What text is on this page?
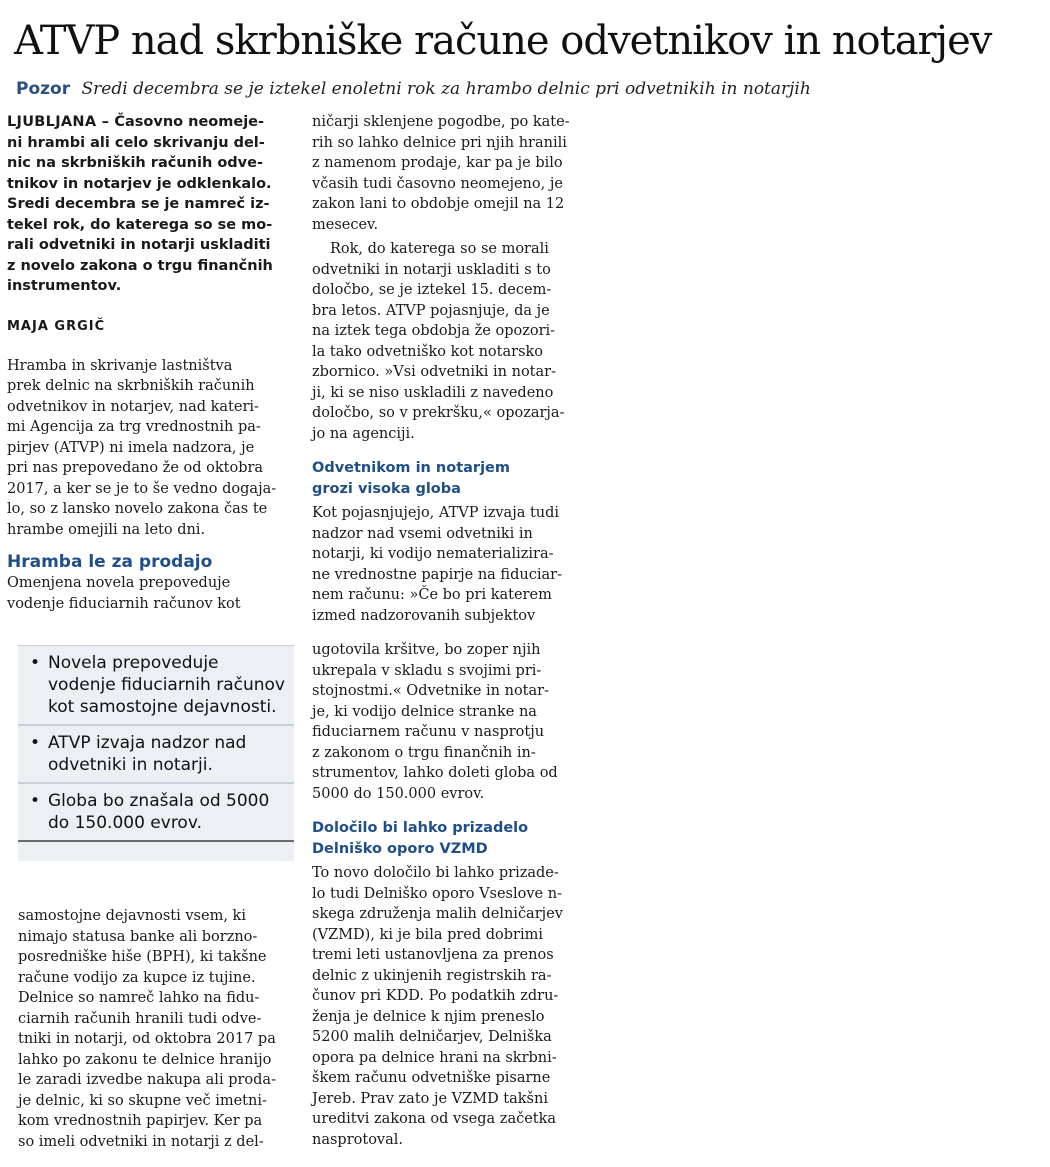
ATVP nad skrbniške račune odvetnikov in notarjev
Pozor Sredi decembra se je iztekel enoletni rok za hrambo delnic pri odvetnikih in notarjih

LJUBLJANA – Časovno neomeje-

ni hrambi ali celo skrivanju del-

nic na skrbniških računih odve-

tnikov in notarjev je odklenkalo.

Sredi decembra se je namreč iz-

tekel rok, do katerega so se mo-

rali odvetniki in notarji uskladiti

z novelo zakona o trgu finančnih

instrumentov.

MAJA GRGIČ

Hramba in skrivanje lastništva

prek delnic na skrbniških računih

odvetnikov in notarjev, nad kateri-

mi Agencija za trg vrednostnih pa-

pirjev (ATVP) ni imela nadzora, je

pri nas prepovedano že od oktobra

2017, a ker se je to še vedno dogaja-

lo, so z lansko novelo zakona čas te

hrambe omejili na leto dni.

Hramba le za prodajo

Omenjena novela prepoveduje

vodenje fiduciarnih računov kot

• Novela prepoveduje vodenje fiduciarnih računov kot samostojne dejavnosti.
• ATVP izvaja nadzor nad odvetniki in notarji.
• Globa bo znašala od 5000 do 150.000 evrov.

samostojne dejavnosti vsem, ki

nimajo statusa banke ali borzno-

posredniške hiše (BPH), ki takšne

račune vodijo za kupce iz tujine.

Delnice so namreč lahko na fidu-

ciarnih računih hranili tudi odve-

tniki in notarji, od oktobra 2017 pa

lahko po zakonu te delnice hranijo

le zaradi izvedbe nakupa ali proda-

je delnic, ki so skupne več imetni-

kom vrednostnih papirjev. Ker pa

so imeli odvetniki in notarji z del-

ničarji sklenjene pogodbe, po kate-

rih so lahko delnice pri njih hranili

z namenom prodaje, kar pa je bilo

včasih tudi časovno neomejeno, je

zakon lani to obdobje omejil na 12

mesecev.

Rok, do katerega so se morali

odvetniki in notarji uskladiti s to

določbo, se je iztekel 15. decem-

bra letos. ATVP pojasnjuje, da je

na iztek tega obdobja že opozori-

la tako odvetniško kot notarsko

zbornico. »Vsi odvetniki in notar-

ji, ki se niso uskladili z navedeno

določbo, so v prekršku,« opozarja-

jo na agenciji.

Odvetnikom in notarjem

grozi visoka globa

Kot pojasnjujejo, ATVP izvaja tudi

nadzor nad vsemi odvetniki in

notarji, ki vodijo nematerializira-

ne vrednostne papirje na fiduciar-

nem računu: »Če bo pri katerem

izmed nadzorovanih subjektov

ugotovila kršitve, bo zoper njih

ukrepala v skladu s svojimi pri-

stojnostmi.« Odvetnike in notar-

je, ki vodijo delnice stranke na

fiduciarnem računu v nasprotju

z zakonom o trgu finančnih in-

strumentov, lahko doleti globa od

5000 do 150.000 evrov.

Določilo bi lahko prizadelo

Delniško oporo VZMD

To novo določilo bi lahko prizade-

lo tudi Delniško oporo Vseslove n-

skega združenja malih delničarjev

(VZMD), ki je bila pred dobrimi

tremi leti ustanovljena za prenos

delnic z ukinjenih registrskih ra-

čunov pri KDD. Po podatkih zdru-

ženja je delnice k njim preneslo

5200 malih delničarjev, Delniška

opora pa delnice hrani na skrbni-

škem računu odvetniške pisarne

Jereb. Prav zato je VZMD takšni

ureditvi zakona od vsega začetka

nasprotoval.
